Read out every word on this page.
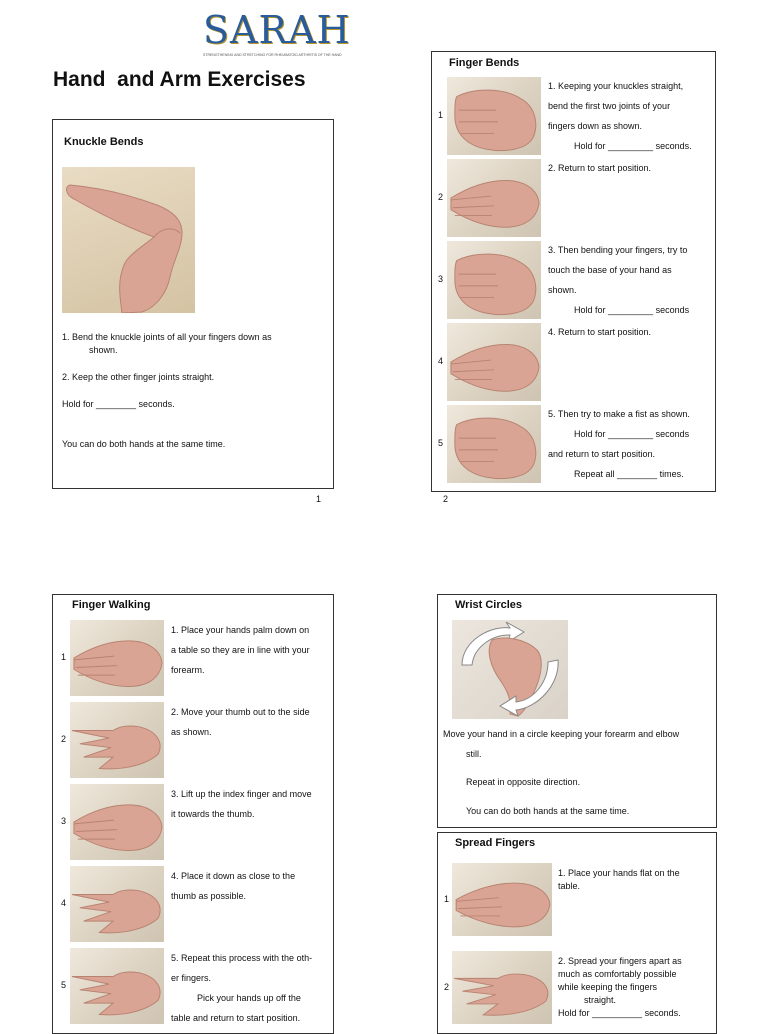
SARAH
STRENGTHENING AND STRETCHING FOR RHEUMATOID ARTHRITIS OF THE HAND
Hand  and Arm Exercises
Knuckle Bends
1. Bend the knuckle joints of all your fingers down as
shown.
2. Keep the other finger joints straight.
Hold for ________ seconds.
You can do both hands at the same time.
1
Finger Bends
1
1. Keeping your knuckles straight,
bend the first two joints of your
fingers down as shown.
Hold for _________ seconds.
2
2. Return to start position.
3
3. Then bending your fingers, try to
touch the base of your hand as
shown.
Hold for _________ seconds
4
4. Return to start position.
5
5. Then try to make a fist as shown.
Hold for _________ seconds
and return to start position.
Repeat all ________ times.
2
Finger Walking
1
1. Place your hands palm down on
a table so they are in line with your
forearm.
2
2. Move your thumb out to the side
as shown.
3
3. Lift up the index finger and move
it towards the thumb.
4
4. Place it down as close to the
thumb as possible.
5
5. Repeat this process with the oth-
er fingers.
Pick your hands up off the
table and return to start position.
Wrist Circles
Move your hand in a circle keeping your forearm and elbow
still.
Repeat in opposite direction.
You can do both hands at the same time.
Spread Fingers
1
1. Place your hands flat on the
table.
2
2. Spread your fingers apart as
much as comfortably possible
while keeping the fingers
straight.
Hold for __________ seconds.
